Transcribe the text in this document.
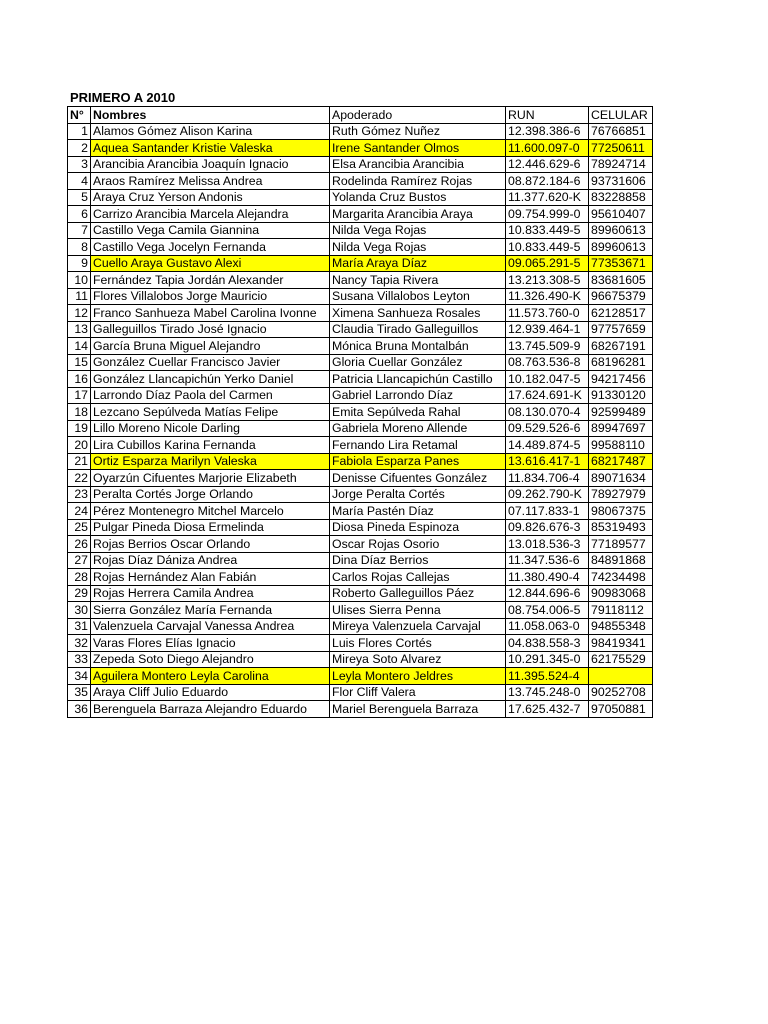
PRIMERO A 2010
N°	Nombres	Apoderado	RUN	CELULAR
1	Alamos Gómez Alison Karina	Ruth Gómez Nuñez	12.398.386-6	76766851
2	Aquea Santander Kristie Valeska	Irene Santander Olmos	11.600.097-0	77250611
3	Arancibia Arancibia Joaquín Ignacio	Elsa Arancibia Arancibia	12.446.629-6	78924714
4	Araos Ramírez Melissa Andrea	Rodelinda Ramírez Rojas	08.872.184-6	93731606
5	Araya Cruz Yerson Andonis	Yolanda Cruz Bustos	11.377.620-K	83228858
6	Carrizo Arancibia Marcela Alejandra	Margarita Arancibia Araya	09.754.999-0	95610407
7	Castillo Vega Camila Giannina	Nilda Vega Rojas	10.833.449-5	89960613
8	Castillo Vega Jocelyn Fernanda	Nilda Vega Rojas	10.833.449-5	89960613
9	Cuello Araya Gustavo Alexi	María Araya Díaz	09.065.291-5	77353671
10	Fernández Tapia Jordán Alexander	Nancy Tapia Rivera	13.213.308-5	83681605
11	Flores Villalobos Jorge Mauricio	Susana Villalobos Leyton	11.326.490-K	96675379
12	Franco Sanhueza Mabel Carolina Ivonne	Ximena Sanhueza Rosales	11.573.760-0	62128517
13	Galleguillos Tirado José Ignacio	Claudia Tirado Galleguillos	12.939.464-1	97757659
14	García Bruna Miguel Alejandro	Mónica Bruna Montalbán	13.745.509-9	68267191
15	González Cuellar Francisco Javier	Gloria Cuellar González	08.763.536-8	68196281
16	González Llancapichún Yerko Daniel	Patricia Llancapichún Castillo	10.182.047-5	94217456
17	Larrondo Díaz Paola del Carmen	Gabriel Larrondo Díaz	17.624.691-K	91330120
18	Lezcano Sepúlveda Matías Felipe	Emita Sepúlveda Rahal	08.130.070-4	92599489
19	Lillo Moreno Nicole Darling	Gabriela Moreno Allende	09.529.526-6	89947697
20	Lira Cubillos Karina Fernanda	Fernando Lira Retamal	14.489.874-5	99588110
21	Ortiz Esparza Marilyn Valeska	Fabiola Esparza Panes	13.616.417-1	68217487
22	Oyarzún Cifuentes Marjorie Elizabeth	Denisse Cifuentes González	11.834.706-4	89071634
23	Peralta Cortés Jorge Orlando	Jorge Peralta Cortés	09.262.790-K	78927979
24	Pérez Montenegro Mitchel Marcelo	María Pastén Díaz	07.117.833-1	98067375
25	Pulgar Pineda Diosa Ermelinda	Diosa Pineda Espinoza	09.826.676-3	85319493
26	Rojas Berrios Oscar Orlando	Oscar Rojas Osorio	13.018.536-3	77189577
27	Rojas Díaz Dániza Andrea	Dina Díaz Berrios	11.347.536-6	84891868
28	Rojas Hernández Alan Fabián	Carlos Rojas Callejas	11.380.490-4	74234498
29	Rojas Herrera Camila Andrea	Roberto Galleguillos Páez	12.844.696-6	90983068
30	Sierra González María Fernanda	Ulises Sierra Penna	08.754.006-5	79118112
31	Valenzuela Carvajal Vanessa Andrea	Mireya Valenzuela Carvajal	11.058.063-0	94855348
32	Varas Flores Elías Ignacio	Luis Flores Cortés	04.838.558-3	98419341
33	Zepeda Soto Diego Alejandro	Mireya Soto Alvarez	10.291.345-0	62175529
34	Aguilera Montero Leyla Carolina	Leyla Montero Jeldres	11.395.524-4	
35	Araya Cliff Julio Eduardo	Flor Cliff Valera	13.745.248-0	90252708
36	Berenguela Barraza Alejandro Eduardo	Mariel Berenguela Barraza	17.625.432-7	97050881
